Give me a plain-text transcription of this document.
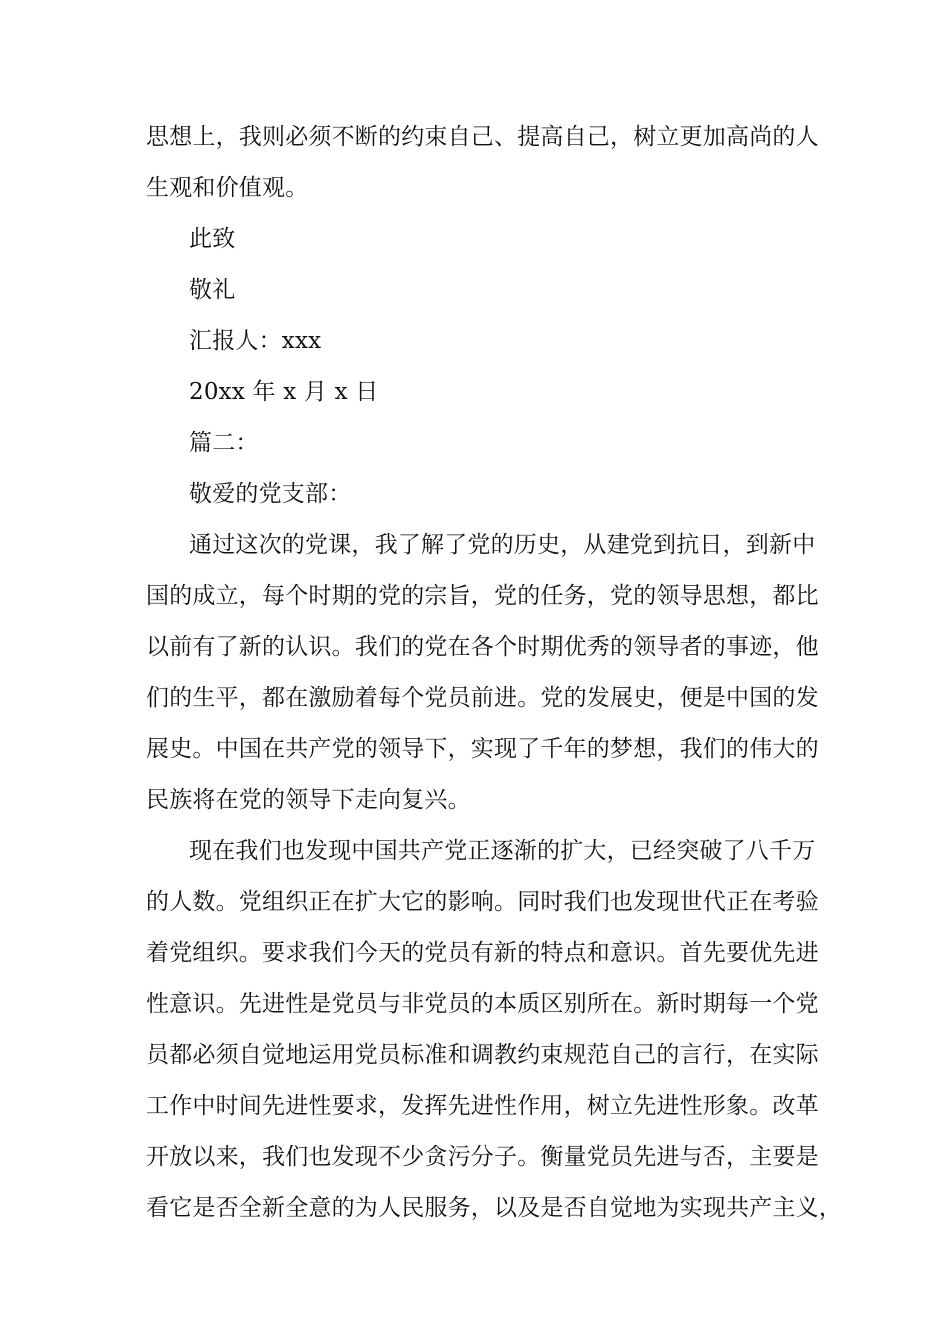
思想上，我则必须不断的约束自己、提高自己，树立更加高尚的人
生观和价值观。
此致
敬礼
汇报人：xxx
20xx 年 x 月 x 日
篇二：
敬爱的党支部：
通过这次的党课，我了解了党的历史，从建党到抗日，到新中
国的成立，每个时期的党的宗旨，党的任务，党的领导思想，都比
以前有了新的认识。我们的党在各个时期优秀的领导者的事迹，他
们的生平，都在激励着每个党员前进。党的发展史，便是中国的发
展史。中国在共产党的领导下，实现了千年的梦想，我们的伟大的
民族将在党的领导下走向复兴。
现在我们也发现中国共产党正逐渐的扩大，已经突破了八千万
的人数。党组织正在扩大它的影响。同时我们也发现世代正在考验
着党组织。要求我们今天的党员有新的特点和意识。首先要优先进
性意识。先进性是党员与非党员的本质区别所在。新时期每一个党
员都必须自觉地运用党员标准和调教约束规范自己的言行，在实际
工作中时间先进性要求，发挥先进性作用，树立先进性形象。改革
开放以来，我们也发现不少贪污分子。衡量党员先进与否，主要是
看它是否全新全意的为人民服务，以及是否自觉地为实现共产主义，
